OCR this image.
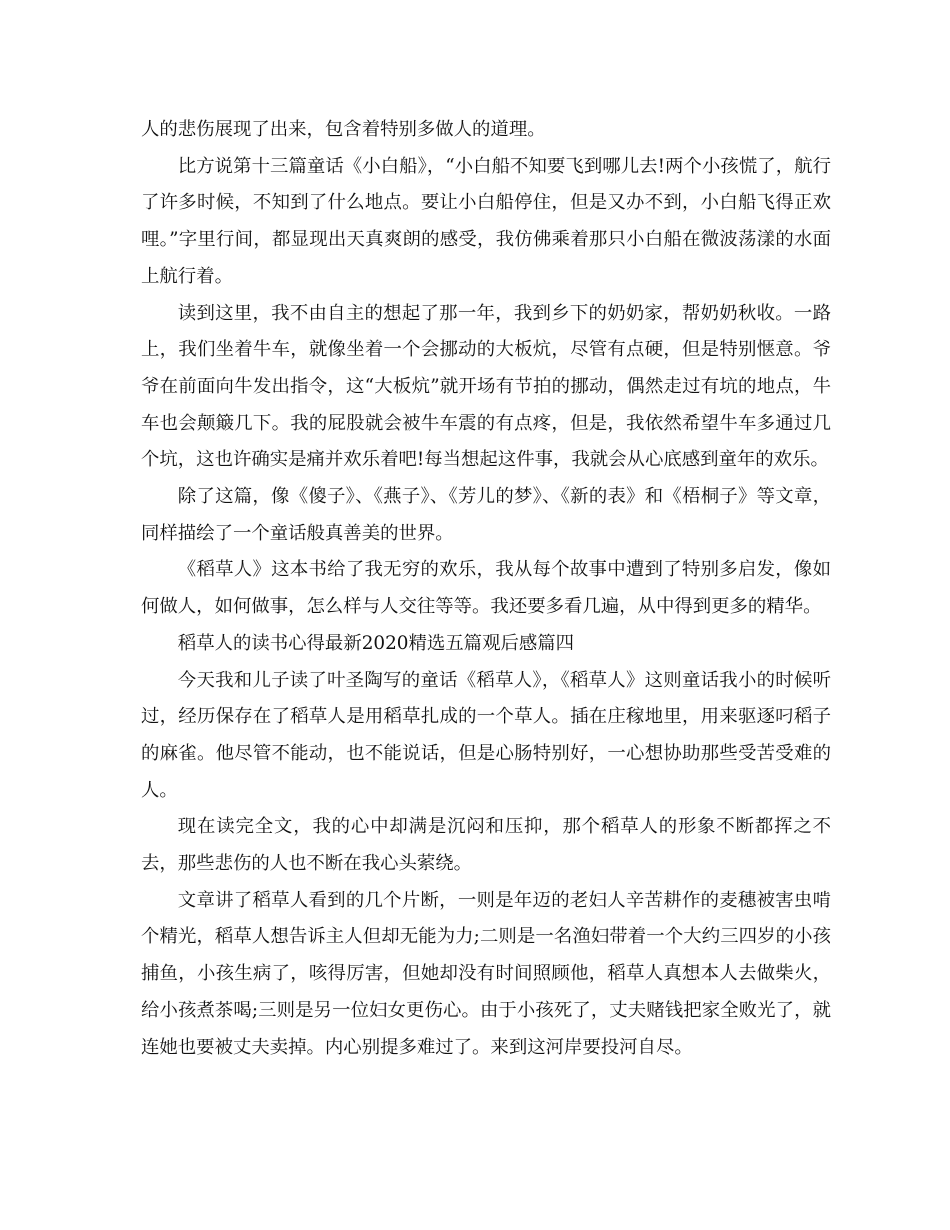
人的悲伤展现了出来，包含着特别多做人的道理。

比方说第十三篇童话《小白船》，“小白船不知要飞到哪儿去!两个小孩慌了，航行了许多时候，不知到了什么地点。要让小白船停住，但是又办不到，小白船飞得正欢哩。”字里行间，都显现出天真爽朗的感受，我仿佛乘着那只小白船在微波荡漾的水面上航行着。

读到这里，我不由自主的想起了那一年，我到乡下的奶奶家，帮奶奶秋收。一路上，我们坐着牛车，就像坐着一个会挪动的大板炕，尽管有点硬，但是特别惬意。爷爷在前面向牛发出指令，这“大板炕”就开场有节拍的挪动，偶然走过有坑的地点，牛车也会颠簸几下。我的屁股就会被牛车震的有点疼，但是，我依然希望牛车多通过几个坑，这也许确实是痛并欢乐着吧!每当想起这件事，我就会从心底感到童年的欢乐。

除了这篇，像《傻子》、《燕子》、《芳儿的梦》、《新的表》和《梧桐子》等文章，同样描绘了一个童话般真善美的世界。

《稻草人》这本书给了我无穷的欢乐，我从每个故事中遭到了特别多启发，像如何做人，如何做事，怎么样与人交往等等。我还要多看几遍，从中得到更多的精华。

稻草人的读书心得最新2020精选五篇观后感篇四

今天我和儿子读了叶圣陶写的童话《稻草人》，《稻草人》这则童话我小的时候听过，经历保存在了稻草人是用稻草扎成的一个草人。插在庄稼地里，用来驱逐叼稻子的麻雀。他尽管不能动，也不能说话，但是心肠特别好，一心想协助那些受苦受难的人。

现在读完全文，我的心中却满是沉闷和压抑，那个稻草人的形象不断都挥之不去，那些悲伤的人也不断在我心头萦绕。

文章讲了稻草人看到的几个片断，一则是年迈的老妇人辛苦耕作的麦穗被害虫啃个精光，稻草人想告诉主人但却无能为力;二则是一名渔妇带着一个大约三四岁的小孩捕鱼，小孩生病了，咳得厉害，但她却没有时间照顾他，稻草人真想本人去做柴火，给小孩煮茶喝;三则是另一位妇女更伤心。由于小孩死了，丈夫赌钱把家全败光了，就连她也要被丈夫卖掉。内心别提多难过了。来到这河岸要投河自尽。
